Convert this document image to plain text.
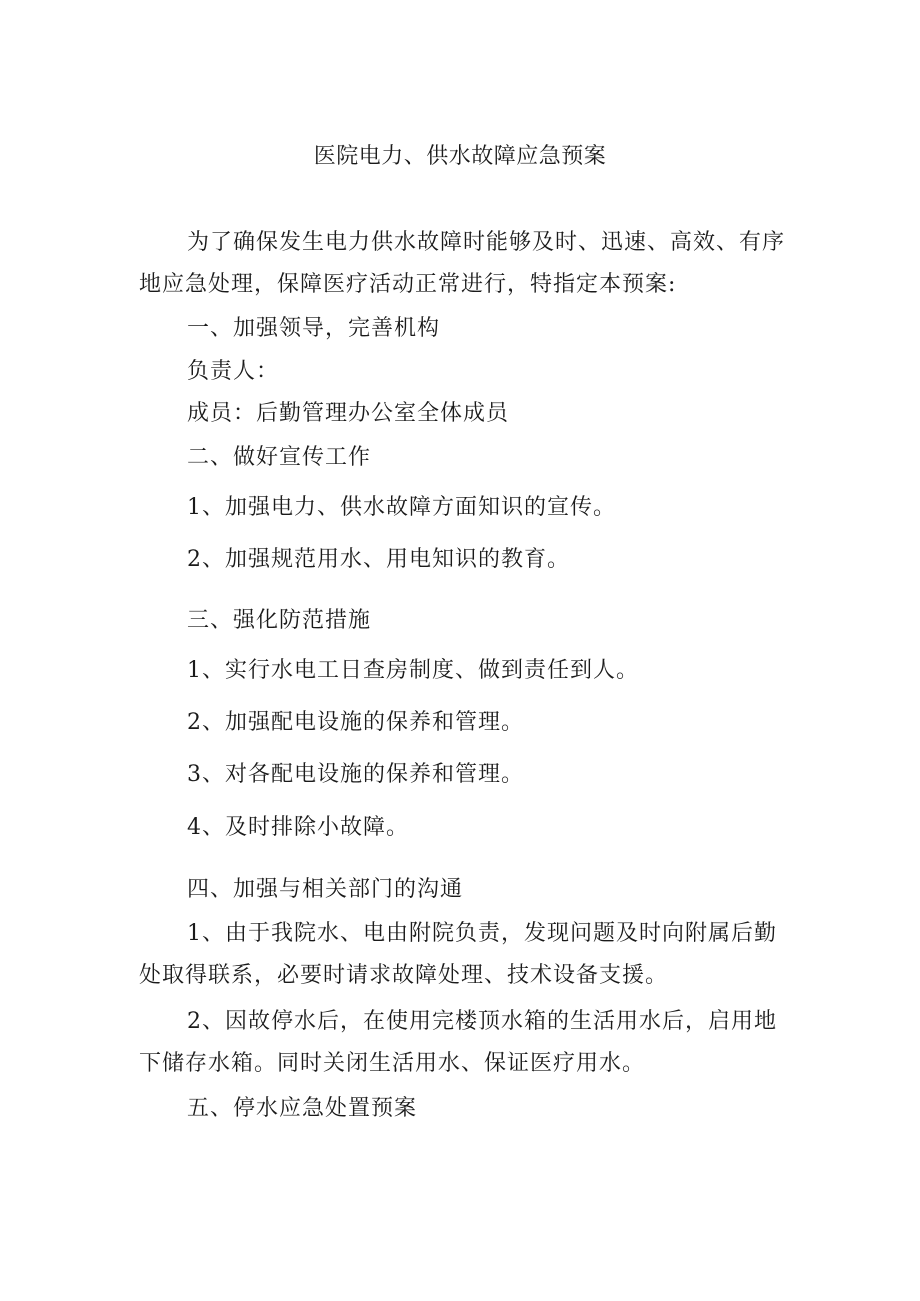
医院电力、供水故障应急预案
为了确保发生电力供水故障时能够及时、迅速、高效、有序
地应急处理，保障医疗活动正常进行，特指定本预案:
一、加强领导，完善机构
负责人：
成员：后勤管理办公室全体成员
二、做好宣传工作
1、加强电力、供水故障方面知识的宣传。
2、加强规范用水、用电知识的教育。
三、强化防范措施
1、实行水电工日查房制度、做到责任到人。
2、加强配电设施的保养和管理。
3、对各配电设施的保养和管理。
4、及时排除小故障。
四、加强与相关部门的沟通
1、由于我院水、电由附院负责，发现问题及时向附属后勤
处取得联系，必要时请求故障处理、技术设备支援。
2、因故停水后，在使用完楼顶水箱的生活用水后，启用地
下储存水箱。同时关闭生活用水、保证医疗用水。
五、停水应急处置预案
